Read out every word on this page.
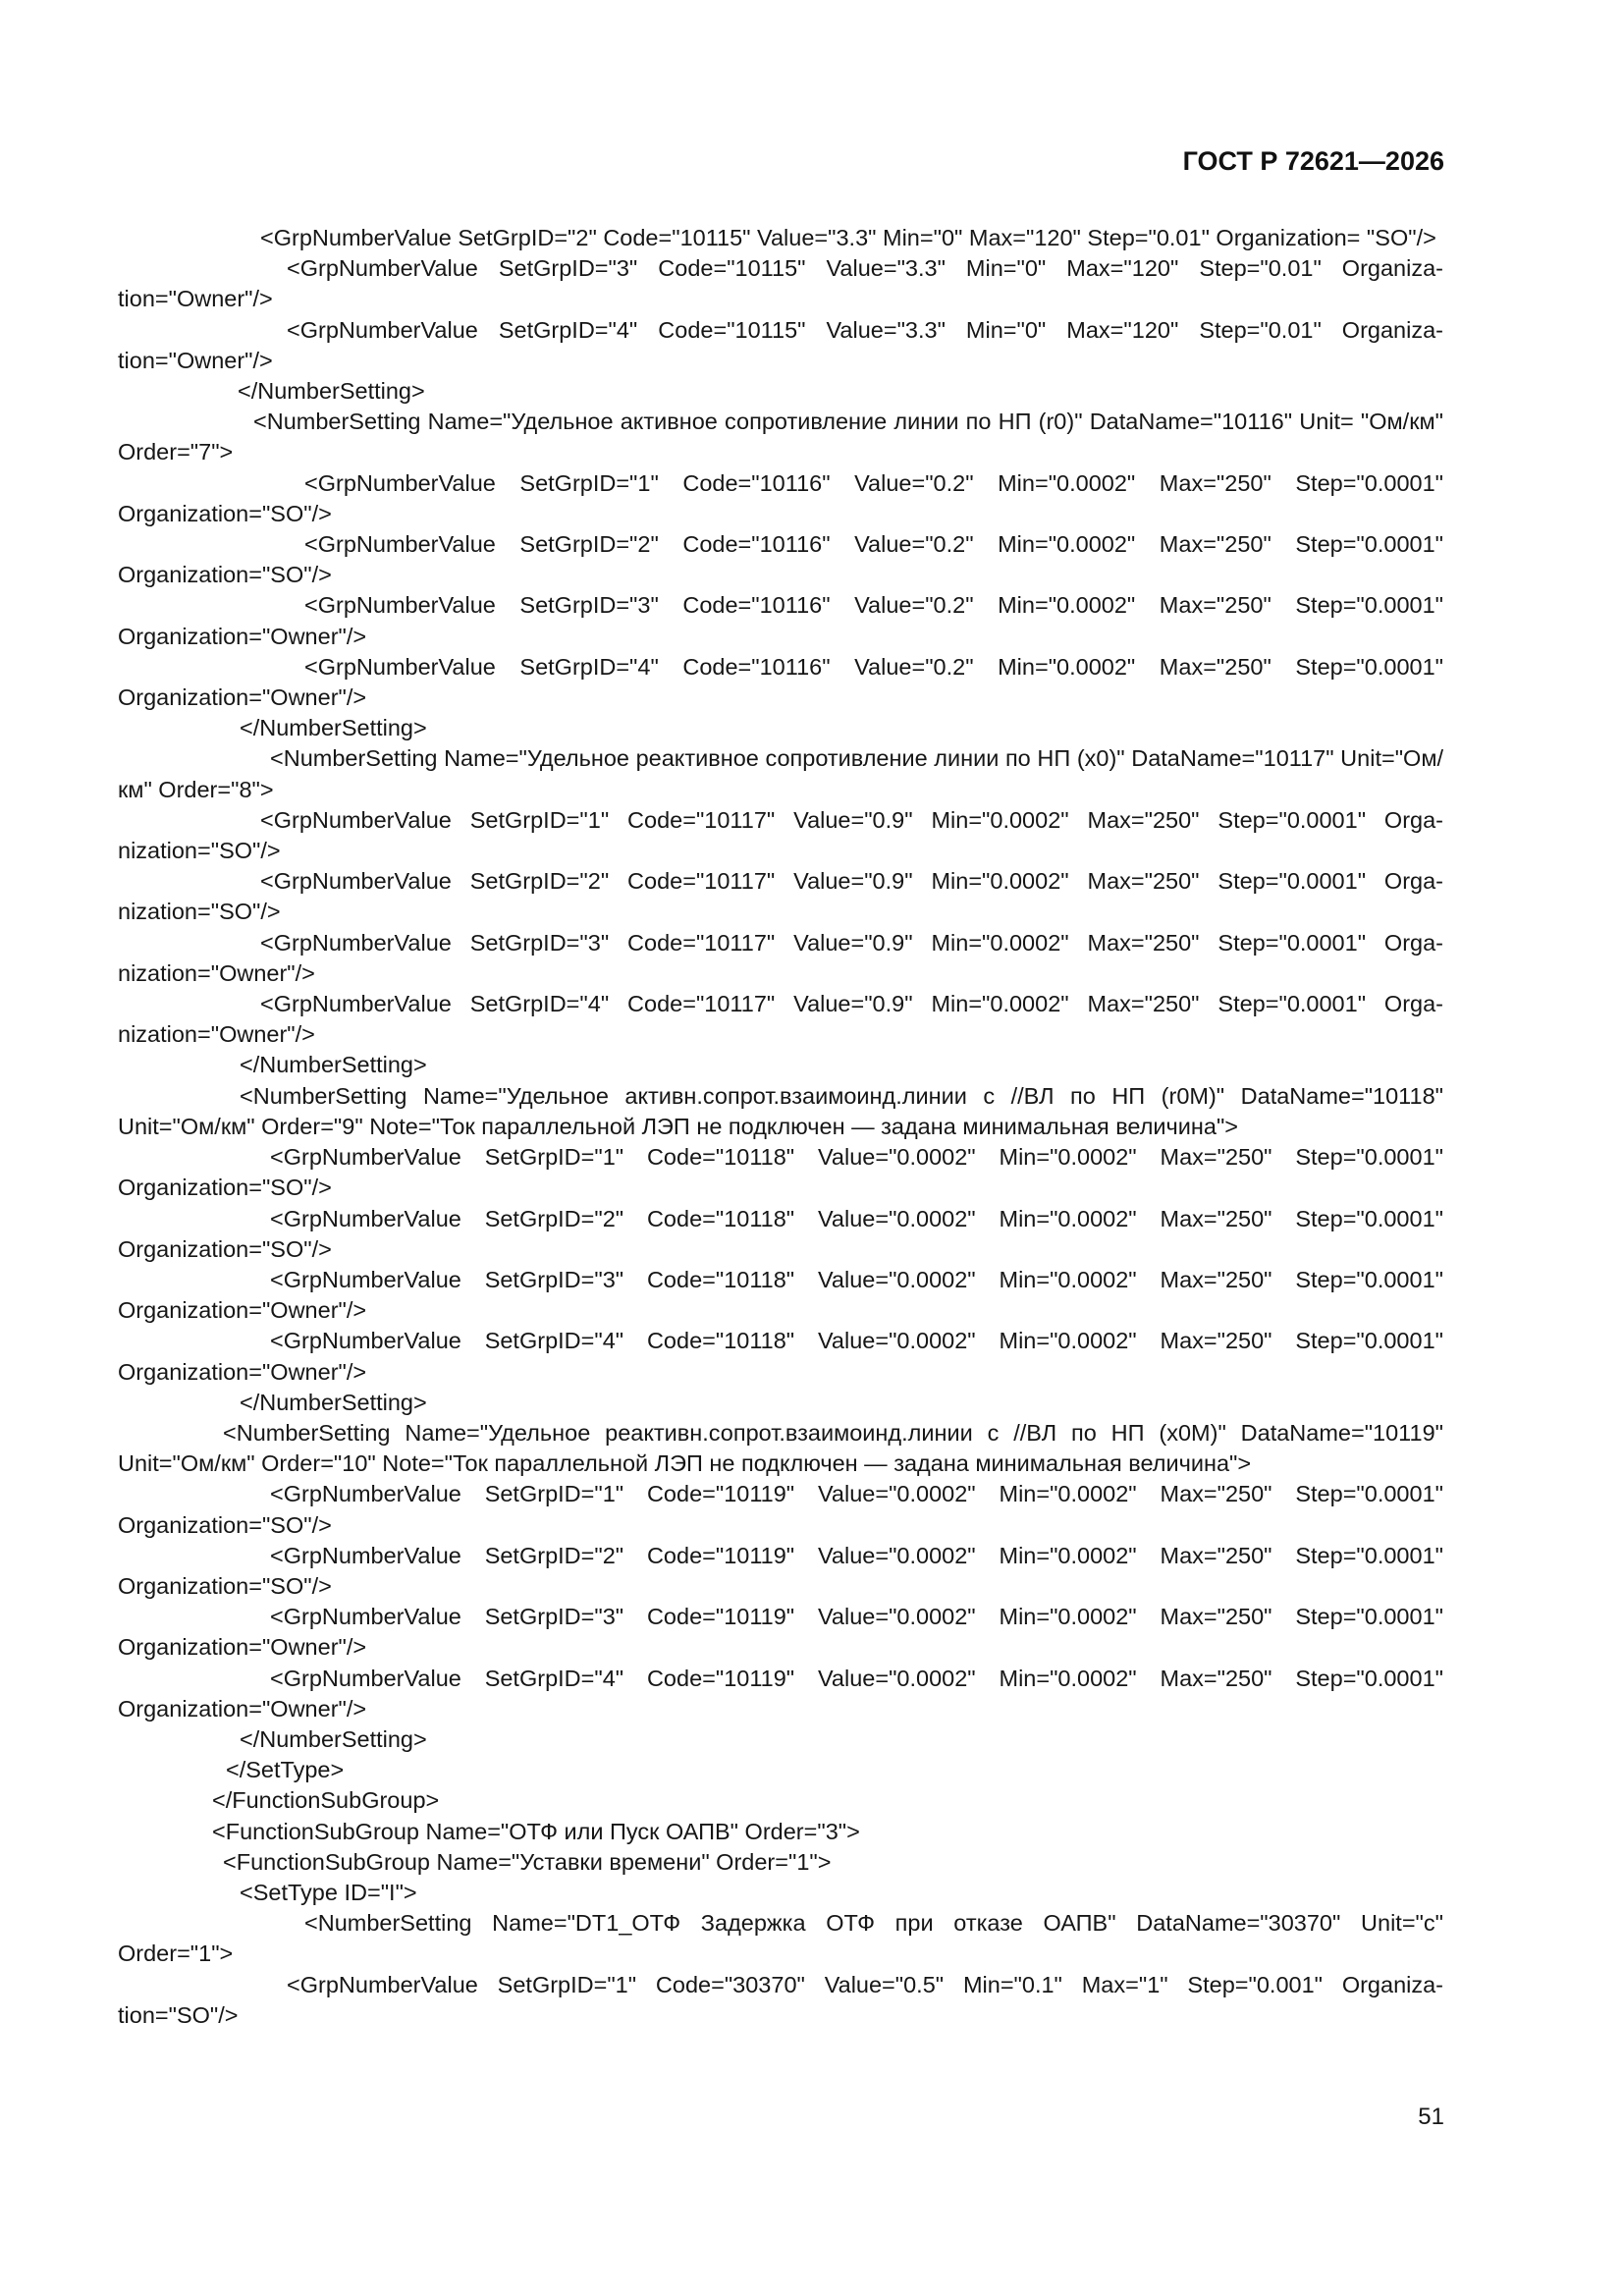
ГОСТ Р 72621—2026

<GrpNumberValue SetGrpID="2" Code="10115" Value="3.3" Min="0" Max="120" Step="0.01" Organization= "SO"/>

<GrpNumberValue SetGrpID="3" Code="10115" Value="3.3" Min="0" Max="120" Step="0.01" Organiza-tion="Owner"/>

<GrpNumberValue SetGrpID="4" Code="10115" Value="3.3" Min="0" Max="120" Step="0.01" Organiza-tion="Owner"/>

</NumberSetting>

<NumberSetting Name="Удельное активное сопротивление линии по НП (r0)" DataName="10116" Unit= "Ом/км" Order="7">

<GrpNumberValue SetGrpID="1" Code="10116" Value="0.2" Min="0.0002" Max="250" Step="0.0001" Organization="SO"/>

<GrpNumberValue SetGrpID="2" Code="10116" Value="0.2" Min="0.0002" Max="250" Step="0.0001" Organization="SO"/>

<GrpNumberValue SetGrpID="3" Code="10116" Value="0.2" Min="0.0002" Max="250" Step="0.0001" Organization="Owner"/>

<GrpNumberValue SetGrpID="4" Code="10116" Value="0.2" Min="0.0002" Max="250" Step="0.0001" Organization="Owner"/>

</NumberSetting>

<NumberSetting Name="Удельное реактивное сопротивление линии по НП (x0)" DataName="10117" Unit="Ом/км" Order="8">

<GrpNumberValue SetGrpID="1" Code="10117" Value="0.9" Min="0.0002" Max="250" Step="0.0001" Orga-nization="SO"/>

<GrpNumberValue SetGrpID="2" Code="10117" Value="0.9" Min="0.0002" Max="250" Step="0.0001" Orga-nization="SO"/>

<GrpNumberValue SetGrpID="3" Code="10117" Value="0.9" Min="0.0002" Max="250" Step="0.0001" Orga-nization="Owner"/>

<GrpNumberValue SetGrpID="4" Code="10117" Value="0.9" Min="0.0002" Max="250" Step="0.0001" Orga-nization="Owner"/>

</NumberSetting>

<NumberSetting Name="Удельное активн.сопрот.взаимоинд.линии с //ВЛ по НП (r0M)" DataName="10118" Unit="Ом/км" Order="9" Note="Ток параллельной ЛЭП не подключен — задана минимальная величина">

<GrpNumberValue SetGrpID="1" Code="10118" Value="0.0002" Min="0.0002" Max="250" Step="0.0001" Organization="SO"/>

<GrpNumberValue SetGrpID="2" Code="10118" Value="0.0002" Min="0.0002" Max="250" Step="0.0001" Organization="SO"/>

<GrpNumberValue SetGrpID="3" Code="10118" Value="0.0002" Min="0.0002" Max="250" Step="0.0001" Organization="Owner"/>

<GrpNumberValue SetGrpID="4" Code="10118" Value="0.0002" Min="0.0002" Max="250" Step="0.0001" Organization="Owner"/>

</NumberSetting>

<NumberSetting Name="Удельное реактивн.сопрот.взаимоинд.линии с //ВЛ по НП (x0M)" DataName="10119" Unit="Ом/км" Order="10" Note="Ток параллельной ЛЭП не подключен — задана минимальная величина">

<GrpNumberValue SetGrpID="1" Code="10119" Value="0.0002" Min="0.0002" Max="250" Step="0.0001" Organization="SO"/>

<GrpNumberValue SetGrpID="2" Code="10119" Value="0.0002" Min="0.0002" Max="250" Step="0.0001" Organization="SO"/>

<GrpNumberValue SetGrpID="3" Code="10119" Value="0.0002" Min="0.0002" Max="250" Step="0.0001" Organization="Owner"/>

<GrpNumberValue SetGrpID="4" Code="10119" Value="0.0002" Min="0.0002" Max="250" Step="0.0001" Organization="Owner"/>

</NumberSetting>

</SetType>

</FunctionSubGroup>

<FunctionSubGroup Name="ОТФ или Пуск ОАПВ" Order="3">

<FunctionSubGroup Name="Уставки времени" Order="1">

<SetType ID="I">

<NumberSetting Name="DT1_ОТФ Задержка ОТФ при отказе ОАПВ" DataName="30370" Unit="с" Order="1">

<GrpNumberValue SetGrpID="1" Code="30370" Value="0.5" Min="0.1" Max="1" Step="0.001" Organiza-tion="SO"/>

51
